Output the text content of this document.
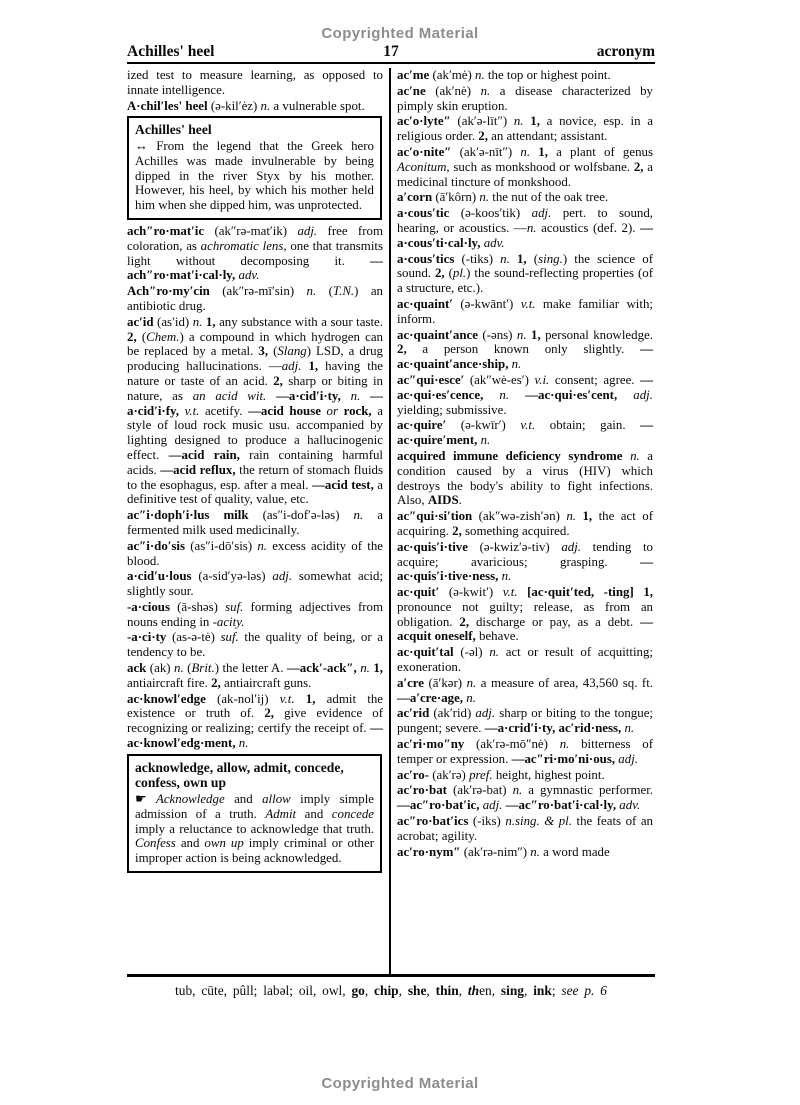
Copyrighted Material
Achilles' heel	17	acronym

ized test to measure learning, as opposed to innate intelligence.

A·chil′les' heel (ə-kil′ėz) n. a vulnerable spot.

Achilles' heel
↔ From the legend that the Greek hero Achilles was made invulnerable by being dipped in the river Styx by his mother. However, his heel, by which his mother held him when she dipped him, was unprotected.

ach″ro·mat′ic (ak″rə-mat′ik) adj. free from coloration, as achromatic lens, one that transmits light without decomposing it. —ach″ro·mat′i·cal·ly, adv.

Ach″ro·my′cin (ak″rə-mī′sin) n. (T.N.) an antibiotic drug.

ac′id (as′id) n. 1, any substance with a sour taste. 2, (Chem.) a compound in which hydrogen can be replaced by a metal. 3, (Slang) LSD, a drug producing hallucinations. —adj. 1, having the nature or taste of an acid. 2, sharp or biting in nature, as an acid wit. —a·cid′i·ty, n. —a·cid′i·fy, v.t. acetify. —acid house or rock, a style of loud rock music usu. accompanied by lighting designed to produce a hallucinogenic effect. —acid rain, rain containing harmful acids. —acid reflux, the return of stomach fluids to the esophagus, esp. after a meal. —acid test, a definitive test of quality, value, etc.

ac″i·doph′i·lus milk (as″i-dof′ə-ləs) n. a fermented milk used medicinally.

ac″i·do′sis (as″i-dō′sis) n. excess acidity of the blood.

a·cid′u·lous (a-sid′yə-ləs) adj. somewhat acid; slightly sour.

-a·cious (ā-shəs) suf. forming adjectives from nouns ending in -acity.

-a·ci·ty (as-ə-tė) suf. the quality of being, or a tendency to be.

ack (ak) n. (Brit.) the letter A. —ack′-ack″, n. 1, antiaircraft fire. 2, antiaircraft guns.

ac·knowl′edge (ak-nol′ij) v.t. 1, admit the existence or truth of. 2, give evidence of recognizing or realizing; certify the receipt of. —ac·knowl′edg·ment, n.

acknowledge, allow, admit, concede, confess, own up
☛ Acknowledge and allow imply simple admission of a truth. Admit and concede imply a reluctance to acknowledge that truth. Confess and own up imply criminal or other improper action is being acknowledged.

ac′me (ak′mė) n. the top or highest point.

ac′ne (ak′nė) n. a disease characterized by pimply skin eruption.

ac′o·lyte″ (ak′ə-līt″) n. 1, a novice, esp. in a religious order. 2, an attendant; assistant.

ac′o·nite″ (ak′ə-nīt″) n. 1, a plant of genus Aconitum, such as monkshood or wolfsbane. 2, a medicinal tincture of monkshood.

a′corn (ā′kôrn) n. the nut of the oak tree.

a·cous′tic (ə-koos′tik) adj. pert. to sound, hearing, or acoustics. —n. acoustics (def. 2). —a·cous′ti·cal·ly, adv.

a·cous′tics (-tiks) n. 1, (sing.) the science of sound. 2, (pl.) the sound-reflecting properties (of a structure, etc.).

ac·quaint′ (ə-kwānt′) v.t. make familiar with; inform.

ac·quaint′ance (-əns) n. 1, personal knowledge. 2, a person known only slightly. —ac·quaint′ance·ship, n.

ac″qui·esce′ (ak″wė-es′) v.i. consent; agree. —ac·qui·es′cence, n. —ac·qui·es′cent, adj. yielding; submissive.

ac·quire′ (ə-kwīr′) v.t. obtain; gain. —ac·quire′ment, n.

acquired immune deficiency syndrome n. a condition caused by a virus (HIV) which destroys the body's ability to fight infections. Also, AIDS.

ac″qui·si′tion (ak″wə-zish′ən) n. 1, the act of acquiring. 2, something acquired.

ac·quis′i·tive (ə-kwiz′ə-tiv) adj. tending to acquire; avaricious; grasping. —ac·quis′i·tive·ness, n.

ac·quit′ (ə-kwit′) v.t. [ac·quit′ted, -ting] 1, pronounce not guilty; release, as from an obligation. 2, discharge or pay, as a debt. —acquit oneself, behave.

ac·quit′tal (-əl) n. act or result of acquitting; exoneration.

a′cre (ā′kər) n. a measure of area, 43,560 sq. ft. —a′cre·age, n.

ac′rid (ak′rid) adj. sharp or biting to the tongue; pungent; severe. —a·crid′i·ty, ac′rid·ness, n.

ac′ri·mo″ny (ak′rə-mō″nė) n. bitterness of temper or expression. —ac″ri·mo′ni·ous, adj.

ac′ro- (ak′rə) pref. height, highest point.

ac′ro·bat (ak′rə-bat) n. a gymnastic performer. —ac″ro·bat′ic, adj. —ac″ro·bat′i·cal·ly, adv.

ac″ro·bat′ics (-iks) n.sing. & pl. the feats of an acrobat; agility.

ac′ro·nym″ (ak′rə-nim″) n. a word made

tub, cūte, pûll; labəl; oil, owl, go, chip, she, thin, then, sing, ink; see p. 6
Copyrighted Material
